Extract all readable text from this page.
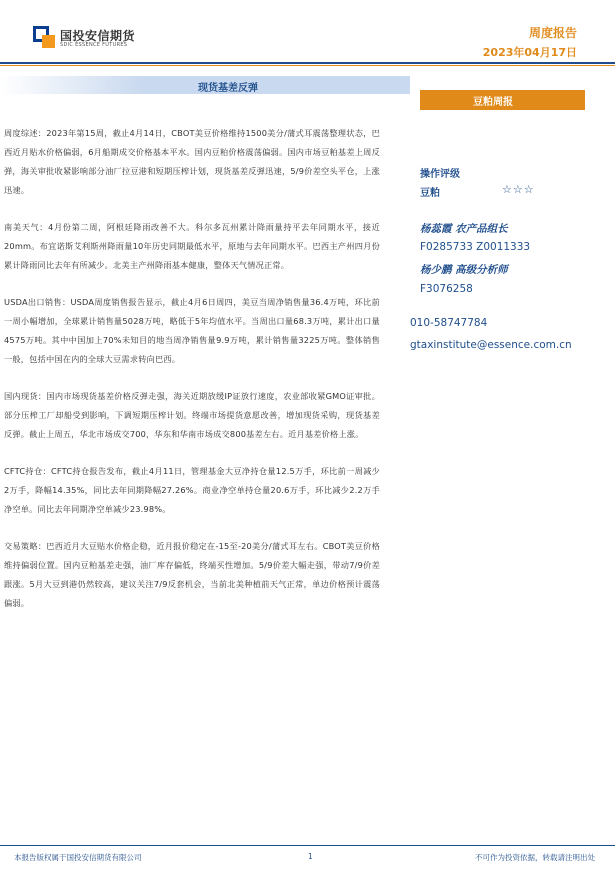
国投安信期货
SDIC ESSENCE FUTURES
周度报告
2023年04月17日
现货基差反弹
豆粕周报

周度综述：2023年第15周，截止4月14日，CBOT美豆价格维持1500美分/蒲式耳震荡整理状态，巴西近月贴水价格偏弱，6月船期成交价格基本平水。国内豆粕价格震荡偏弱。国内市场豆粕基差上周反弹，海关审批收紧影响部分油厂拉豆港和短期压榨计划，现货基差反弹迅速，5/9价差空头平仓，上涨迅速。

南美天气：4月份第二周，阿根廷降雨改善不大。科尔多瓦州累计降雨量持平去年同期水平，接近20mm。布宜诺斯艾利斯州降雨量10年历史同期最低水平，原地与去年同期水平。巴西主产州四月份累计降雨同比去年有所减少。北美主产州降雨基本健康，整体天气情况正常。

USDA出口销售：USDA周度销售报告显示，截止4月6日周四，美豆当周净销售量36.4万吨，环比前一周小幅增加，全球累计销售量5028万吨，略低于5年均值水平。当周出口量68.3万吨，累计出口量4575万吨。其中中国加上70%未知目的地当周净销售量9.9万吨，累计销售量3225万吨。整体销售一般，包括中国在内的全球大豆需求转向巴西。

国内现货：国内市场现货基差价格反弹走强，海关近期放缓IP证放行速度，农业部收紧GMO证审批。部分压榨工厂却船受到影响，下调短期压榨计划。终端市场提货意愿改善，增加现货采购，现货基差反弹。截止上周五，华北市场成交700，华东和华南市场成交800基差左右。近月基差价格上涨。

CFTC持仓：CFTC持仓报告发布，截止4月11日，管理基金大豆净持仓量12.5万手，环比前一周减少2万手，降幅14.35%，同比去年同期降幅27.26%。商业净空单持仓量20.6万手，环比减少2.2万手净空单。同比去年同期净空单减少23.98%。

交易策略：巴西近月大豆贴水价格企稳，近月报价稳定在-15至-20美分/蒲式耳左右。CBOT美豆价格维持偏弱位置。国内豆粕基差走强，油厂库存偏低，终端买性增加。5/9价差大幅走强，带动7/9价差跟涨。5月大豆到港仍然较高，建议关注7/9反套机会，当前北美种植前天气正常，单边价格预计震荡偏弱。

操作评级
豆粕	☆☆☆
杨蕊霞 农产品组长
F0285733 Z0011333
杨少鹏 高级分析师
F3076258
010-58747784
gtaxinstitute@essence.com.cn
本报告版权属于国投安信期货有限公司	1	不可作为投资依据，转载请注明出处
